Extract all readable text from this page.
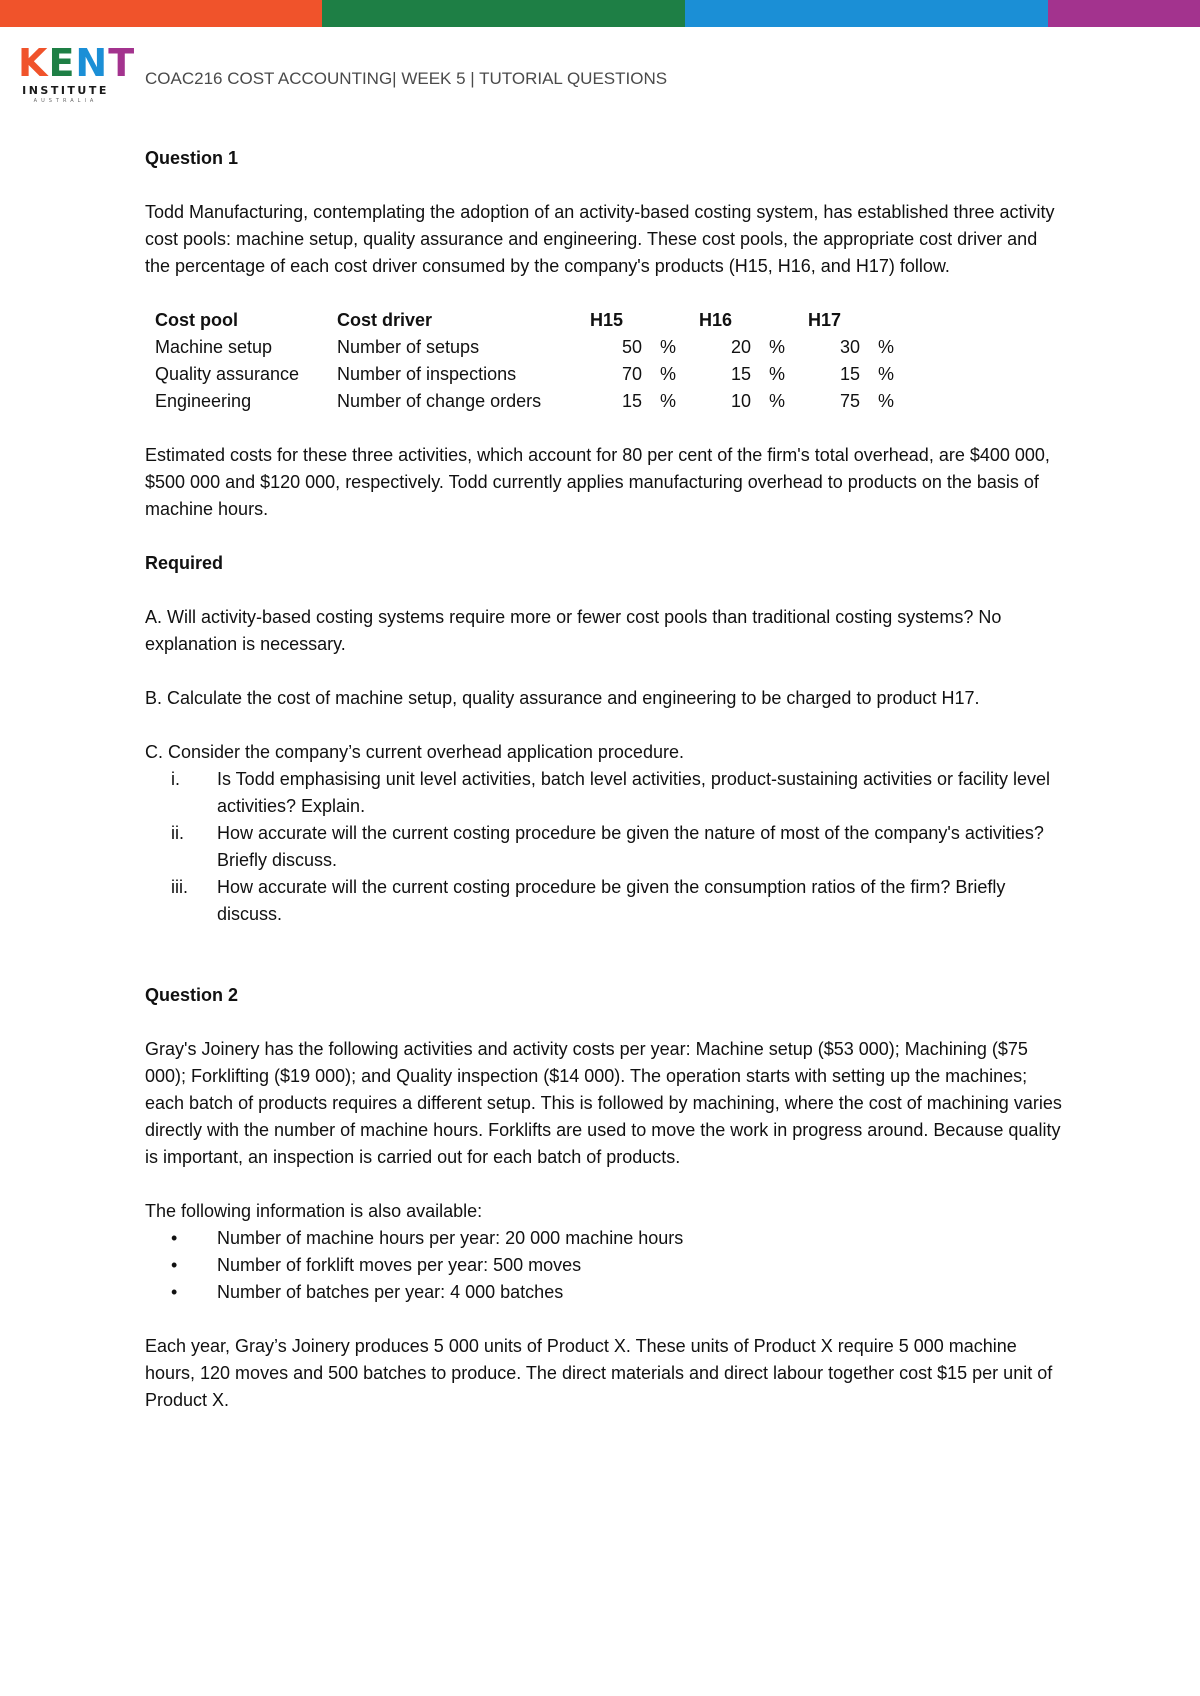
K E N T
INSTITUTE
AUSTRALIA
COAC216 COST ACCOUNTING| WEEK 5 | TUTORIAL QUESTIONS
Question 1

Todd Manufacturing, contemplating the adoption of an activity-based costing system, has established three activity cost pools: machine setup, quality assurance and engineering. These cost pools, the appropriate cost driver and the percentage of each cost driver consumed by the company's products (H15, H16, and H17) follow.

Cost pool	Cost driver	H15	H16	H17
Machine setup	Number of setups	50 %	20 %	30 %
Quality assurance	Number of inspections	70 %	15 %	15 %
Engineering	Number of change orders	15 %	10 %	75 %

Estimated costs for these three activities, which account for 80 per cent of the firm's total overhead, are $400 000, $500 000 and $120 000, respectively. Todd currently applies manufacturing overhead to products on the basis of machine hours.

Required

A. Will activity-based costing systems require more or fewer cost pools than traditional costing systems? No explanation is necessary.

B. Calculate the cost of machine setup, quality assurance and engineering to be charged to product H17.

C. Consider the company’s current overhead application procedure.
i. Is Todd emphasising unit level activities, batch level activities, product-sustaining activities or facility level activities? Explain.
ii. How accurate will the current costing procedure be given the nature of most of the company's activities? Briefly discuss.
iii. How accurate will the current costing procedure be given the consumption ratios of the firm? Briefly discuss.
Question 2

Gray's Joinery has the following activities and activity costs per year: Machine setup ($53 000); Machining ($75 000); Forklifting ($19 000); and Quality inspection ($14 000). The operation starts with setting up the machines; each batch of products requires a different setup. This is followed by machining, where the cost of machining varies directly with the number of machine hours. Forklifts are used to move the work in progress around. Because quality is important, an inspection is carried out for each batch of products.

The following information is also available:
• Number of machine hours per year: 20 000 machine hours
• Number of forklift moves per year: 500 moves
• Number of batches per year: 4 000 batches

Each year, Gray’s Joinery produces 5 000 units of Product X. These units of Product X require 5 000 machine hours, 120 moves and 500 batches to produce. The direct materials and direct labour together cost $15 per unit of Product X.
